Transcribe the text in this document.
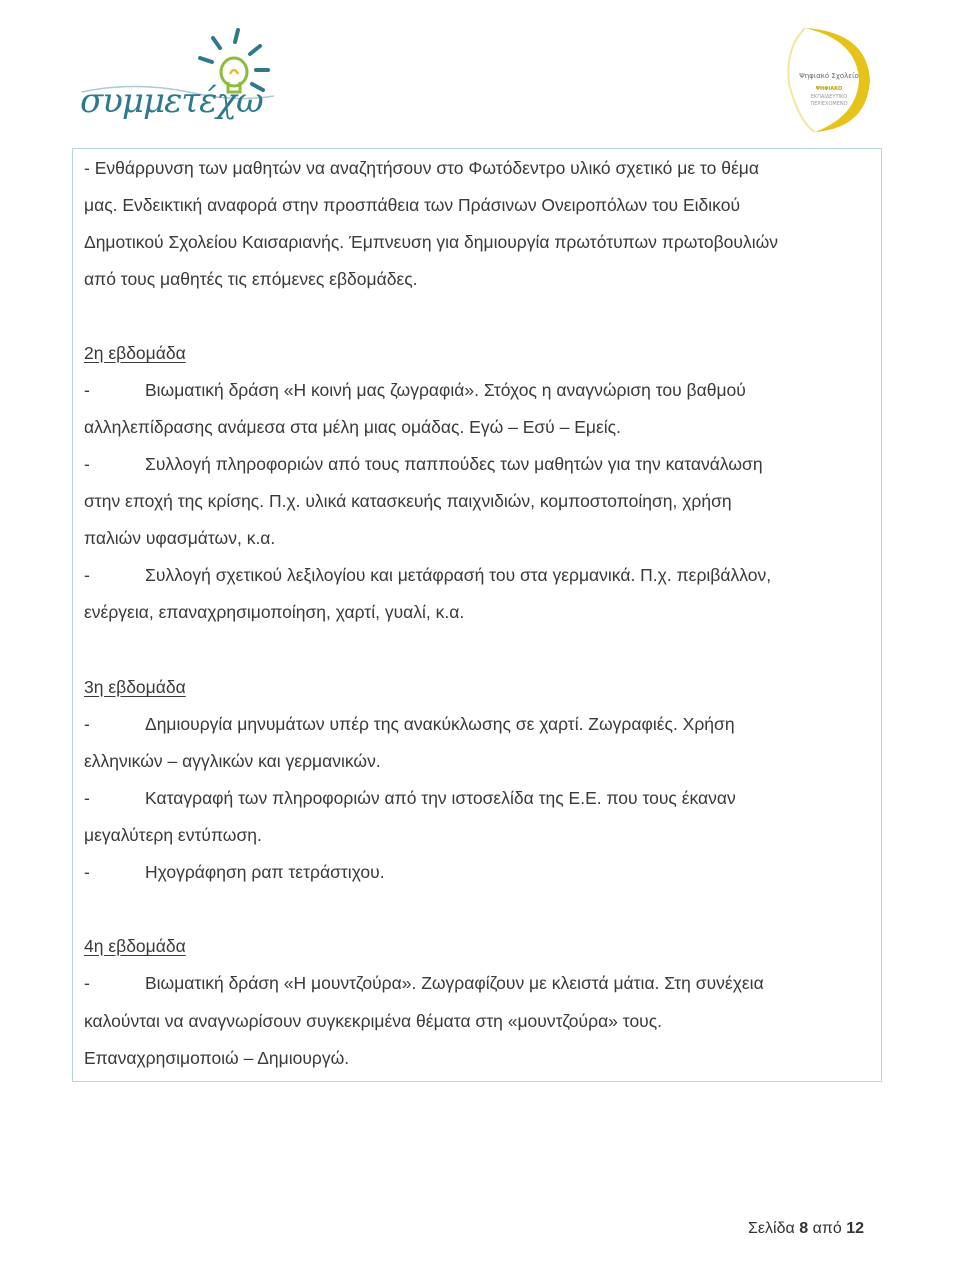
συμμετέχω
Ψηφιακό Σχολείο
ΨΗΦΙΑΚΟ
ΕΚΠΑΙΔΕΥΤΙΚΟ
ΠΕΡΙΕΧΟΜΕΝΟ
- Ενθάρρυνση των μαθητών να αναζητήσουν στο Φωτόδεντρο υλικό σχετικό με το θέμα
μας. Ενδεικτική αναφορά στην προσπάθεια των Πράσινων Ονειροπόλων του Ειδικού
Δημοτικού Σχολείου Καισαριανής. Έμπνευση για δημιουργία πρωτότυπων πρωτοβουλιών
από τους μαθητές τις επόμενες εβδομάδες.
2η εβδομάδα
-	Βιωματική δράση «Η κοινή μας ζωγραφιά». Στόχος η αναγνώριση του βαθμού
αλληλεπίδρασης ανάμεσα στα μέλη μιας ομάδας. Εγώ – Εσύ – Εμείς.
-	Συλλογή πληροφοριών από τους παππούδες των μαθητών για την κατανάλωση
στην εποχή της κρίσης. Π.χ. υλικά κατασκευής παιχνιδιών, κομποστοποίηση, χρήση
παλιών υφασμάτων, κ.α.
-	Συλλογή σχετικού λεξιλογίου και μετάφρασή του στα γερμανικά. Π.χ. περιβάλλον,
ενέργεια, επαναχρησιμοποίηση, χαρτί, γυαλί, κ.α.
3η εβδομάδα
-	Δημιουργία μηνυμάτων υπέρ της ανακύκλωσης σε χαρτί. Ζωγραφιές. Χρήση
ελληνικών – αγγλικών και γερμανικών.
-	Καταγραφή των πληροφοριών από την ιστοσελίδα της Ε.Ε. που τους έκαναν
μεγαλύτερη εντύπωση.
-	Ηχογράφηση ραπ τετράστιχου.
4η εβδομάδα
-	Βιωματική δράση «Η μουντζούρα». Ζωγραφίζουν με κλειστά μάτια. Στη συνέχεια
καλούνται να αναγνωρίσουν συγκεκριμένα θέματα στη «μουντζούρα» τους.
Επαναχρησιμοποιώ – Δημιουργώ.
Σελίδα 8 από 12
